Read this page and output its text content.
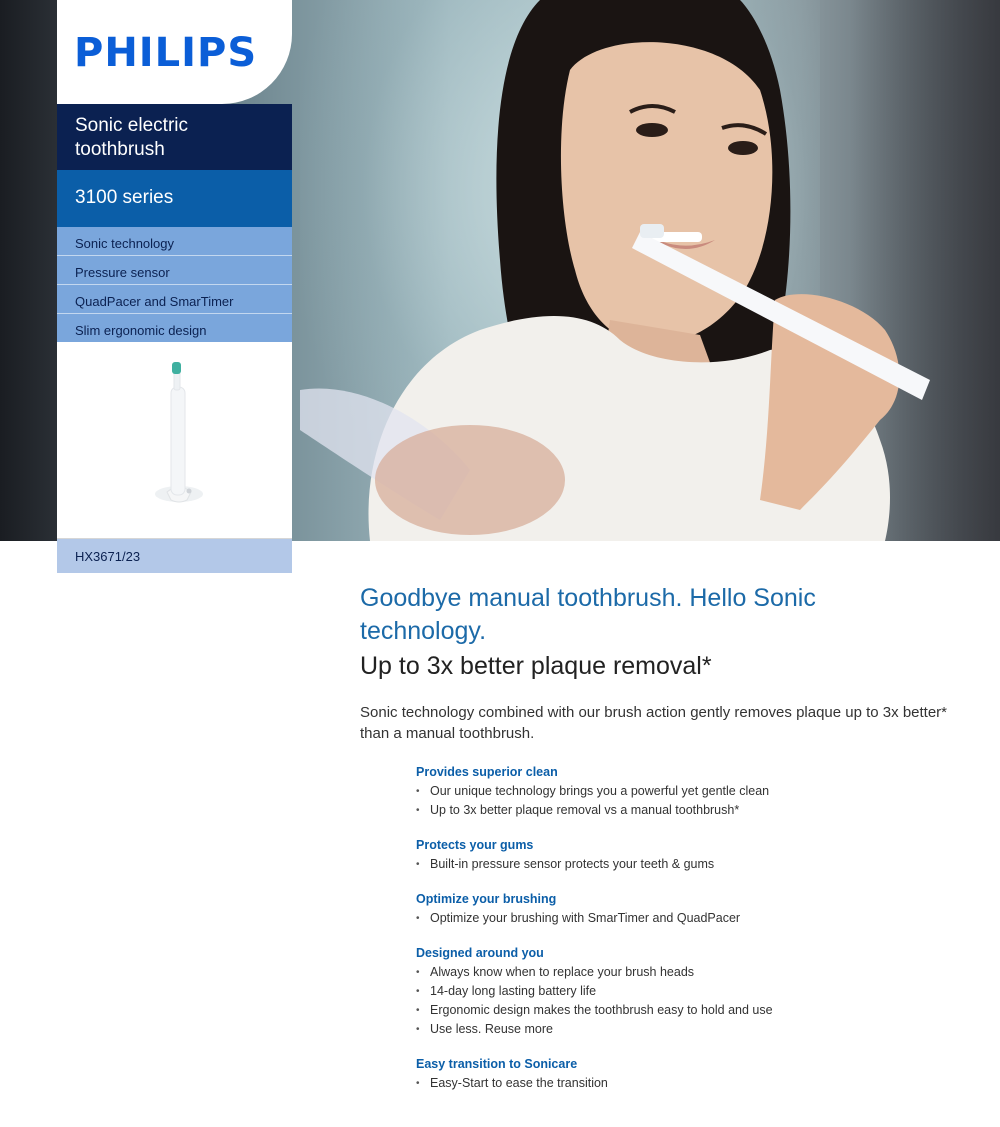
PHILIPS
Sonic electric toothbrush
3100 series
Sonic technology
Pressure sensor
QuadPacer and SmarTimer
Slim ergonomic design
HX3671/23
Goodbye manual toothbrush. Hello Sonic technology.
Up to 3x better plaque removal*
Sonic technology combined with our brush action gently removes plaque up to 3x better* than a manual toothbrush.
Provides superior clean
• Our unique technology brings you a powerful yet gentle clean
• Up to 3x better plaque removal vs a manual toothbrush*
Protects your gums
• Built-in pressure sensor protects your teeth & gums
Optimize your brushing
• Optimize your brushing with SmarTimer and QuadPacer
Designed around you
• Always know when to replace your brush heads
• 14-day long lasting battery life
• Ergonomic design makes the toothbrush easy to hold and use
• Use less. Reuse more
Easy transition to Sonicare
• Easy-Start to ease the transition
